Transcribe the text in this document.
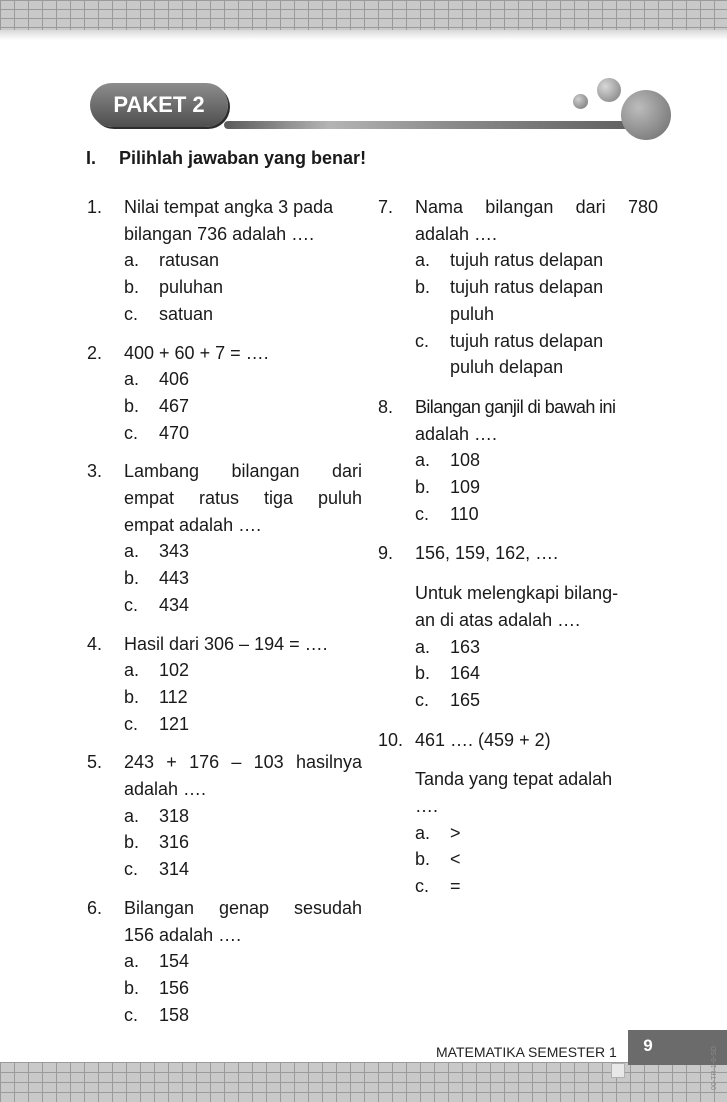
PAKET 2
I. Pilihlah jawaban yang benar!
1. Nilai tempat angka 3 pada
bilangan 736 adalah ….
a. ratusan
b. puluhan
c. satuan
2. 400 + 60 + 7 = ….
a. 406
b. 467
c. 470
3. Lambang bilangan dari
empat ratus tiga puluh
empat adalah ….
a. 343
b. 443
c. 434
4. Hasil dari 306 – 194 = ….
a. 102
b. 112
c. 121
5. 243 + 176 – 103 hasilnya
adalah ….
a. 318
b. 316
c. 314
6. Bilangan genap sesudah
156 adalah ….
a. 154
b. 156
c. 158
7. Nama bilangan dari 780
adalah ….
a. tujuh ratus delapan
b. tujuh ratus delapan
puluh
c. tujuh ratus delapan
puluh delapan
8. Bilangan ganjil di bawah ini
adalah ….
a. 108
b. 109
c. 110
9. 156, 159, 162, ….
Untuk melengkapi bilang-
an di atas adalah ….
a. 163
b. 164
c. 165
10. 461 …. (459 + 2)
Tanda yang tepat adalah
….
a. >
b. <
c. =
9
MATEMATIKA SEMESTER 1	00-TR-1-9-SD
